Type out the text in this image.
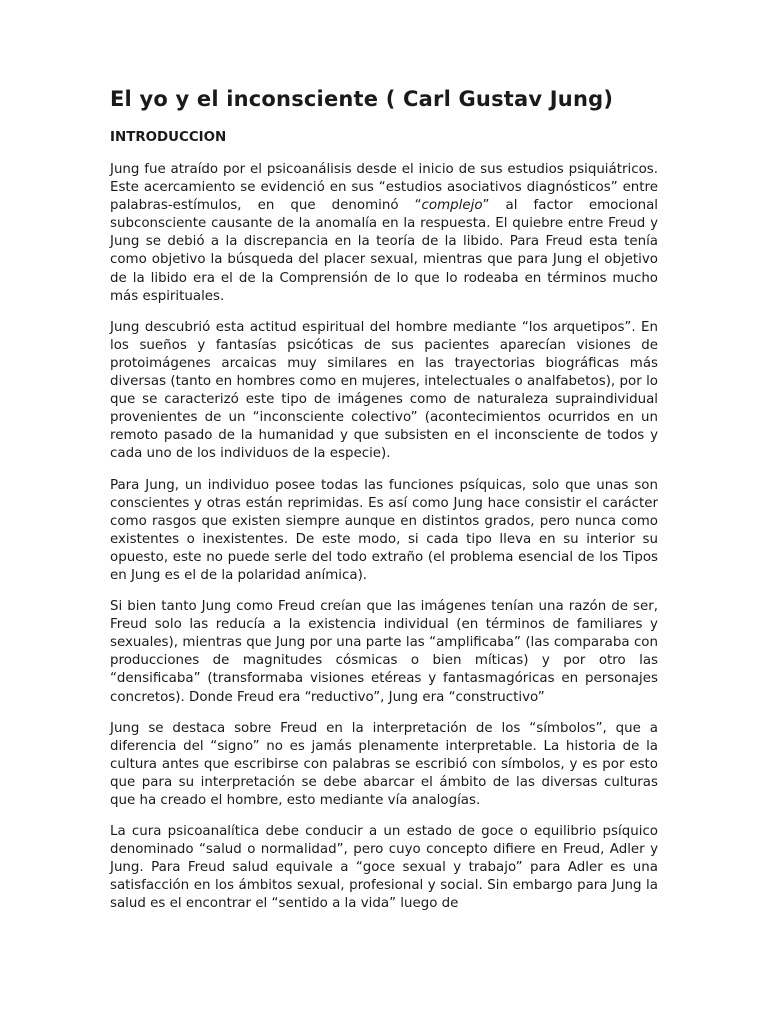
El yo y el inconsciente ( Carl Gustav Jung)
INTRODUCCION

Jung fue atraído por el psicoanálisis desde el inicio de sus estudios psiquiátricos. Este acercamiento se evidenció en sus “estudios asociativos diagnósticos” entre palabras-estímulos, en que denominó “complejo” al factor emocional subconsciente causante de la anomalía en la respuesta. El quiebre entre Freud y Jung se debió a la discrepancia en la teoría de la libido. Para Freud esta tenía como objetivo la búsqueda del placer sexual, mientras que para Jung el objetivo de la libido era el de la Comprensión de lo que lo rodeaba en términos mucho más espirituales.

Jung descubrió esta actitud espiritual del hombre mediante “los arquetipos”. En los sueños y fantasías psicóticas de sus pacientes aparecían visiones de protoimágenes arcaicas muy similares en las trayectorias biográficas más diversas (tanto en hombres como en mujeres, intelectuales o analfabetos), por lo que se caracterizó este tipo de imágenes como de naturaleza supraindividual provenientes de un “inconsciente colectivo” (acontecimientos ocurridos en un remoto pasado de la humanidad y que subsisten en el inconsciente de todos y cada uno de los individuos de la especie).

Para Jung, un individuo posee todas las funciones psíquicas, solo que unas son conscientes y otras están reprimidas. Es así como Jung hace consistir el carácter como rasgos que existen siempre aunque en distintos grados, pero nunca como existentes o inexistentes. De este modo, si cada tipo lleva en su interior su opuesto, este no puede serle del todo extraño (el problema esencial de los Tipos en Jung es el de la polaridad anímica).

Si bien tanto Jung como Freud creían que las imágenes tenían una razón de ser, Freud solo las reducía a la existencia individual (en términos de familiares y sexuales), mientras que Jung por una parte las “amplificaba” (las comparaba con producciones de magnitudes cósmicas o bien míticas) y por otro las “densificaba” (transformaba visiones etéreas y fantasmagóricas en personajes concretos). Donde Freud era “reductivo”, Jung era “constructivo”

Jung se destaca sobre Freud en la interpretación de los “símbolos”, que a diferencia del “signo” no es jamás plenamente interpretable. La historia de la cultura antes que escribirse con palabras se escribió con símbolos, y es por esto que para su interpretación se debe abarcar el ámbito de las diversas culturas que ha creado el hombre, esto mediante vía analogías.

La cura psicoanalítica debe conducir a un estado de goce o equilibrio psíquico denominado “salud o normalidad”, pero cuyo concepto difiere en Freud, Adler y Jung. Para Freud salud equivale a “goce sexual y trabajo” para Adler es una satisfacción en los ámbitos sexual, profesional y social. Sin embargo para Jung la salud es el encontrar el “sentido a la vida” luego de
